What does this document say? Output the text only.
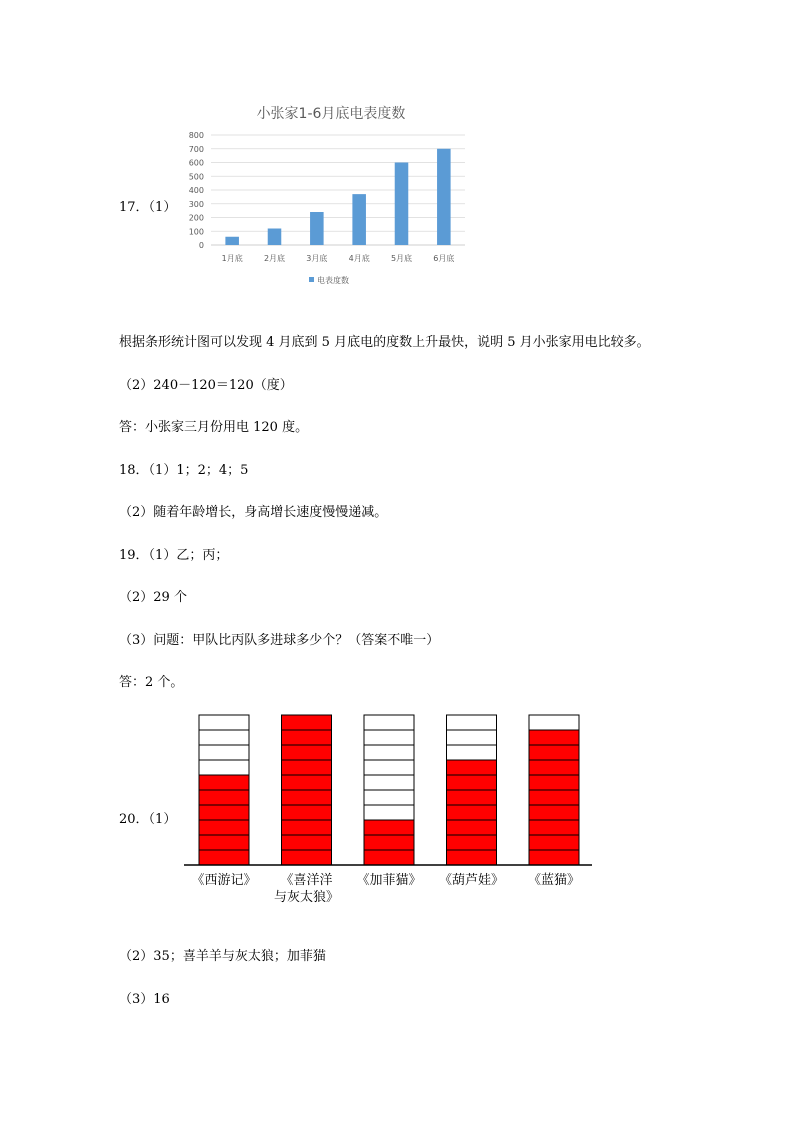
17．（1）
小张家1-6月底电表度数
0
100
200
300
400
500
600
700
800
1月底	2月底	3月底	4月底	5月底	6月底
电表度数
根据条形统计图可以发现 4 月底到 5 月底电的度数上升最快，说明 5 月小张家用电比较多。
（2）240－120＝120（度）
答：小张家三月份用电 120 度。
18．（1）1；2；4；5
（2）随着年龄增长，身高增长速度慢慢递减。
19．（1）乙；丙；
（2）29 个
（3）问题：甲队比丙队多进球多少个？（答案不唯一）
答：2 个。
20．（1）
《西游记》 《喜洋洋
与灰太狼》
《加菲猫》 《葫芦娃》 《蓝猫》
（2）35；喜羊羊与灰太狼；加菲猫
（3）16
